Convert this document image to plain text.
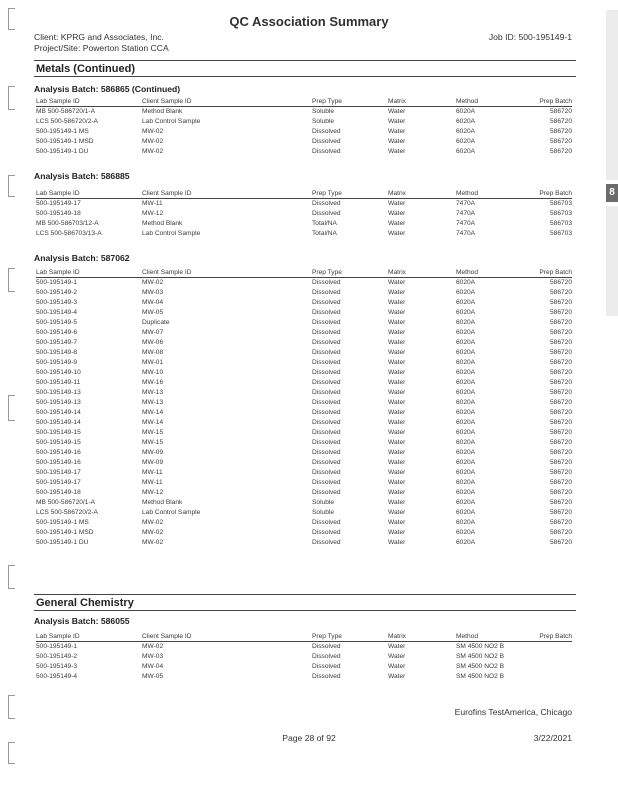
8
QC Association Summary
Client: KPRG and Associates, Inc.
Project/Site: Powerton Station CCA
Job ID: 500-195149-1
Metals (Continued)
Analysis Batch: 586865 (Continued)
Lab Sample ID	Client Sample ID	Prep Type	Matrix	Method	Prep Batch
MB 500-586720/1-A	Method Blank	Soluble	Water	6020A	586720
LCS 500-586720/2-A	Lab Control Sample	Soluble	Water	6020A	586720
500-195149-1 MS	MW-02	Dissolved	Water	6020A	586720
500-195149-1 MSD	MW-02	Dissolved	Water	6020A	586720
500-195149-1 DU	MW-02	Dissolved	Water	6020A	586720
Analysis Batch: 586885
Lab Sample ID	Client Sample ID	Prep Type	Matrix	Method	Prep Batch
500-195149-17	MW-11	Dissolved	Water	7470A	586703
500-195149-18	MW-12	Dissolved	Water	7470A	586703
MB 500-586703/12-A	Method Blank	Total/NA	Water	7470A	586703
LCS 500-586703/13-A	Lab Control Sample	Total/NA	Water	7470A	586703
Analysis Batch: 587062
Lab Sample ID	Client Sample ID	Prep Type	Matrix	Method	Prep Batch
500-195149-1	MW-02	Dissolved	Water	6020A	586720
500-195149-2	MW-03	Dissolved	Water	6020A	586720
500-195149-3	MW-04	Dissolved	Water	6020A	586720
500-195149-4	MW-05	Dissolved	Water	6020A	586720
500-195149-5	Duplicate	Dissolved	Water	6020A	586720
500-195149-6	MW-07	Dissolved	Water	6020A	586720
500-195149-7	MW-06	Dissolved	Water	6020A	586720
500-195149-8	MW-08	Dissolved	Water	6020A	586720
500-195149-9	MW-01	Dissolved	Water	6020A	586720
500-195149-10	MW-10	Dissolved	Water	6020A	586720
500-195149-11	MW-16	Dissolved	Water	6020A	586720
500-195149-13	MW-13	Dissolved	Water	6020A	586720
500-195149-13	MW-13	Dissolved	Water	6020A	586720
500-195149-14	MW-14	Dissolved	Water	6020A	586720
500-195149-14	MW-14	Dissolved	Water	6020A	586720
500-195149-15	MW-15	Dissolved	Water	6020A	586720
500-195149-15	MW-15	Dissolved	Water	6020A	586720
500-195149-16	MW-09	Dissolved	Water	6020A	586720
500-195149-16	MW-09	Dissolved	Water	6020A	586720
500-195149-17	MW-11	Dissolved	Water	6020A	586720
500-195149-17	MW-11	Dissolved	Water	6020A	586720
500-195149-18	MW-12	Dissolved	Water	6020A	586720
MB 500-586720/1-A	Method Blank	Soluble	Water	6020A	586720
LCS 500-586720/2-A	Lab Control Sample	Soluble	Water	6020A	586720
500-195149-1 MS	MW-02	Dissolved	Water	6020A	586720
500-195149-1 MSD	MW-02	Dissolved	Water	6020A	586720
500-195149-1 DU	MW-02	Dissolved	Water	6020A	586720
General Chemistry
Analysis Batch: 586055
Lab Sample ID	Client Sample ID	Prep Type	Matrix	Method	Prep Batch
500-195149-1	MW-02	Dissolved	Water	SM 4500 NO2 B	
500-195149-2	MW-03	Dissolved	Water	SM 4500 NO2 B	
500-195149-3	MW-04	Dissolved	Water	SM 4500 NO2 B	
500-195149-4	MW-05	Dissolved	Water	SM 4500 NO2 B	
Eurofins TestAmerica, Chicago
Page 28 of 92	3/22/2021
